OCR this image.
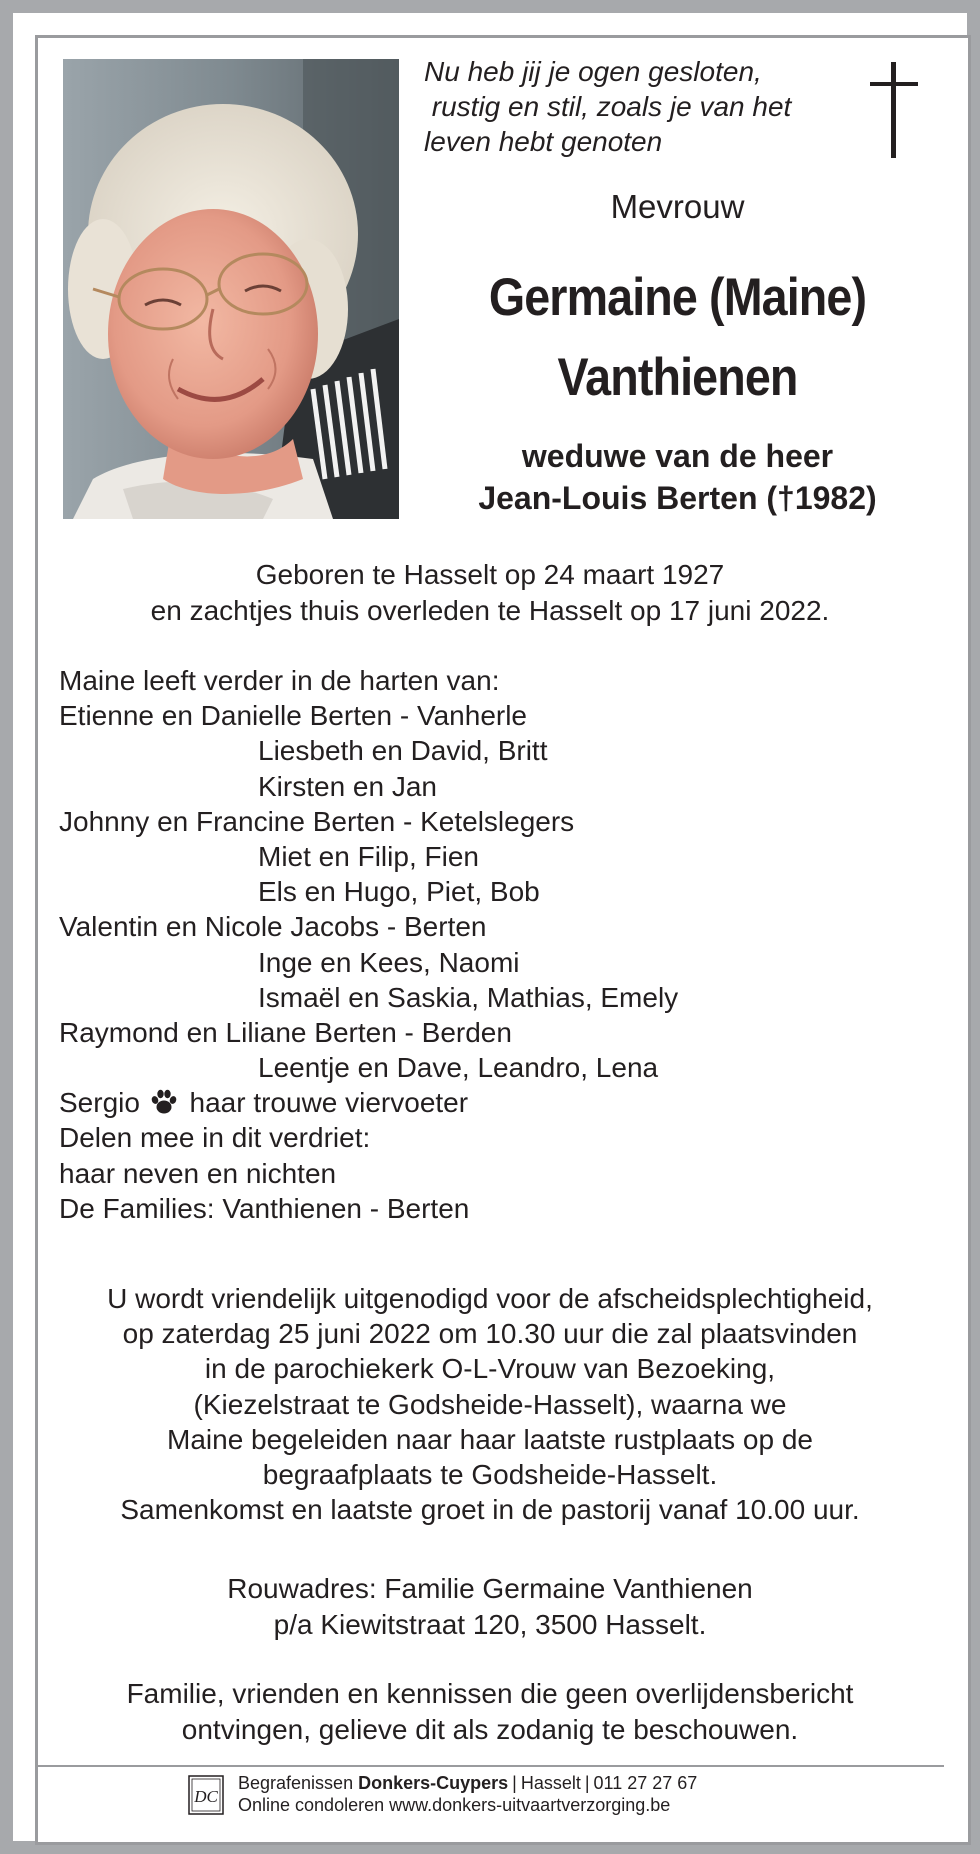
Nu heb jij je ogen gesloten,
rustig en stil, zoals je van het
leven hebt genoten
Mevrouw
Germaine (Maine)
Vanthienen
weduwe van de heer
Jean-Louis Berten (†1982)
Geboren te Hasselt op 24 maart 1927
en zachtjes thuis overleden te Hasselt op 17 juni 2022.
Maine leeft verder in de harten van:
Etienne en Danielle Berten - Vanherle
Liesbeth en David, Britt
Kirsten en Jan
Johnny en Francine Berten - Ketelslegers
Miet en Filip, Fien
Els en Hugo, Piet, Bob
Valentin en Nicole Jacobs - Berten
Inge en Kees, Naomi
Ismaël en Saskia, Mathias, Emely
Raymond en Liliane Berten - Berden
Leentje en Dave, Leandro, Lena
Sergio haar trouwe viervoeter
Delen mee in dit verdriet:
haar neven en nichten
De Families: Vanthienen - Berten
U wordt vriendelijk uitgenodigd voor de afscheidsplechtigheid,
op zaterdag 25 juni 2022 om 10.30 uur die zal plaatsvinden
in de parochiekerk O-L-Vrouw van Bezoeking,
(Kiezelstraat te Godsheide-Hasselt), waarna we
Maine begeleiden naar haar laatste rustplaats op de
begraafplaats te Godsheide-Hasselt.
Samenkomst en laatste groet in de pastorij vanaf 10.00 uur.
Rouwadres: Familie Germaine Vanthienen
p/a Kiewitstraat 120, 3500 Hasselt.
Familie, vrienden en kennissen die geen overlijdensbericht
ontvingen, gelieve dit als zodanig te beschouwen.
DC
Begrafenissen Donkers-Cuypers | Hasselt | 011 27 27 67
Online condoleren www.donkers-uitvaartverzorging.be
